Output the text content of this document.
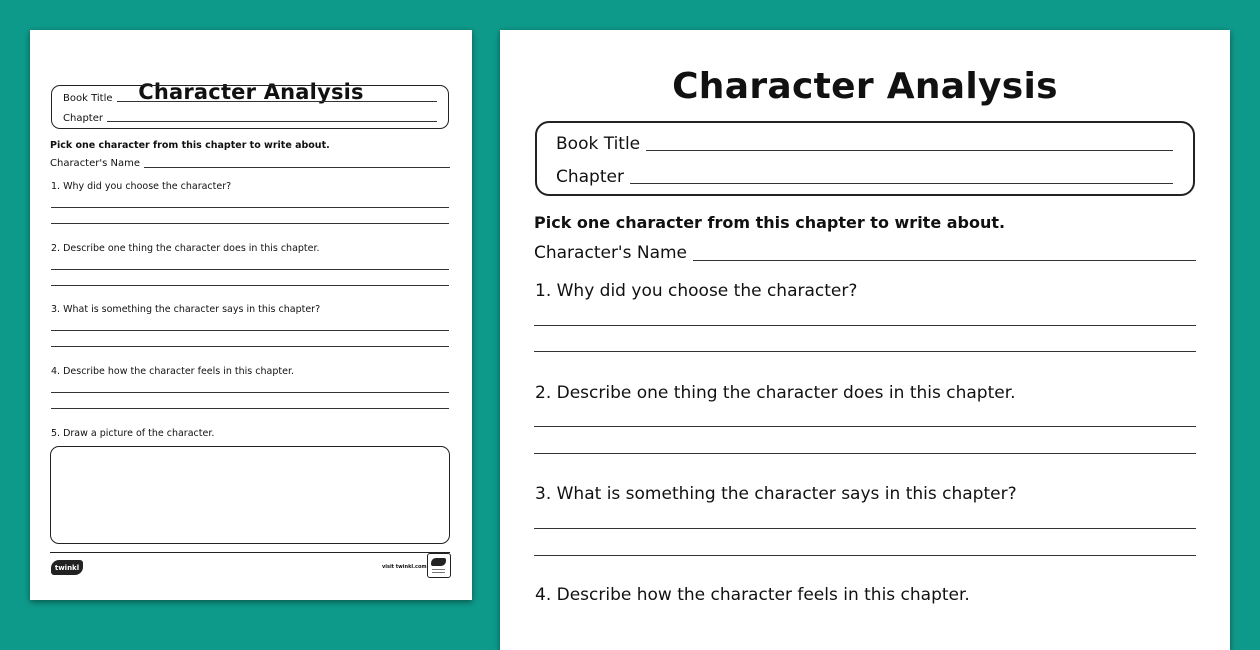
Character Analysis
Book Title
Chapter
Pick one character from this chapter to write about.
Character's Name
1. Why did you choose the character?
2. Describe one thing the character does in this chapter.
3. What is something the character says in this chapter?
4. Describe how the character feels in this chapter.
5. Draw a picture of the character.
twinkl	visit twinkl.com
Character Analysis
Book Title
Chapter
Pick one character from this chapter to write about.
Character's Name
1. Why did you choose the character?
2. Describe one thing the character does in this chapter.
3. What is something the character says in this chapter?
4. Describe how the character feels in this chapter.
